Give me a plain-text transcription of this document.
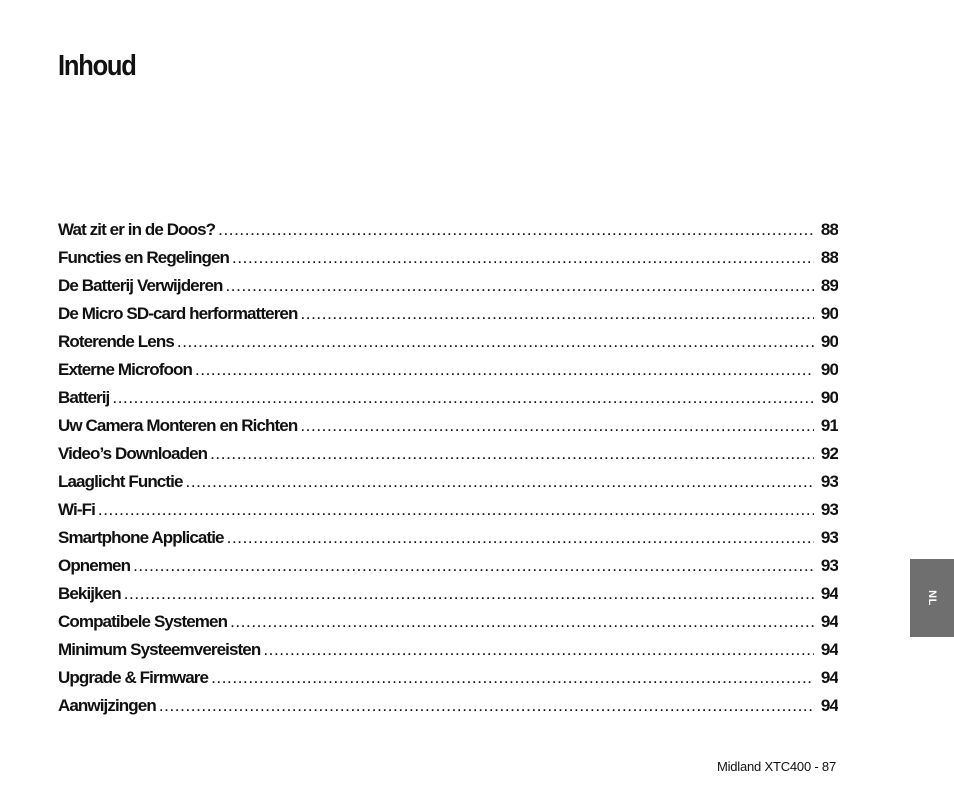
Inhoud
Wat zit er in de Doos? .....	88
Functies en Regelingen .....	88
De Batterij Verwijderen .....	89
De Micro SD-card herformatteren .....	90
Roterende Lens .....	90
Externe Microfoon .....	90
Batterij .....	90
Uw Camera Monteren en Richten .....	91
Video’s Downloaden .....	92
Laaglicht Functie .....	93
Wi-Fi .....	93
Smartphone Applicatie .....	93
Opnemen .....	93
Bekijken .....	94
Compatibele Systemen .....	94
Minimum Systeemvereisten .....	94
Upgrade & Firmware .....	94
Aanwijzingen .....	94
NL
Midland XTC400 - 87
